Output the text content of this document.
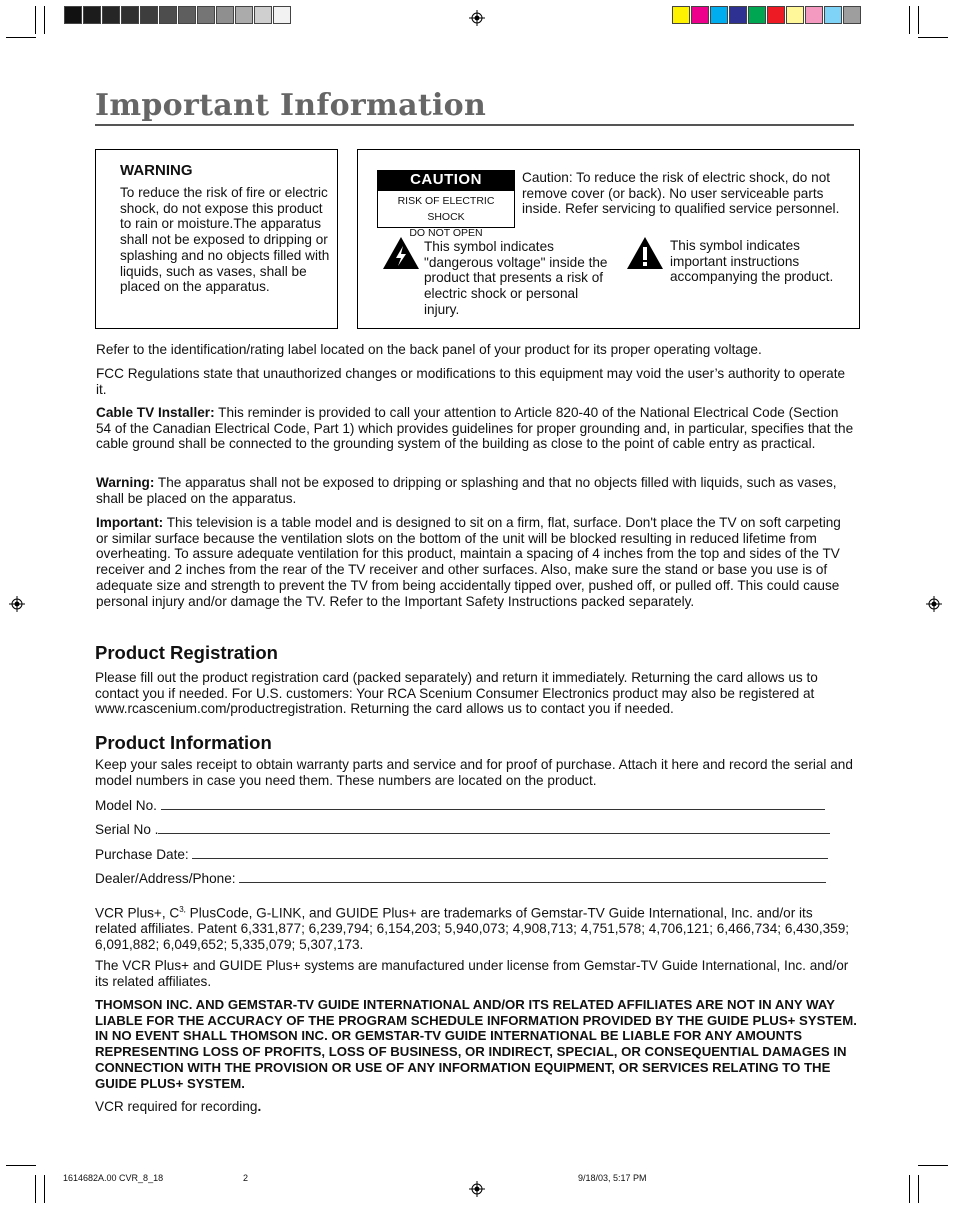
Important Information
WARNING
To reduce the risk of fire or electric shock, do not expose this product to rain or moisture.The apparatus shall not be exposed to dripping or splashing and no objects filled with liquids, such as vases, shall be placed on the apparatus.
CAUTION
RISK OF ELECTRIC SHOCK
DO NOT OPEN
Caution: To reduce the risk of electric shock, do not remove cover (or back). No user serviceable parts inside. Refer servicing to qualified service personnel.
This symbol indicates "dangerous voltage" inside the product that presents a risk of electric shock or personal injury.
This symbol indicates important instructions accompanying the product.
Refer to the identification/rating label located on the back panel of your product for its proper operating voltage.
FCC Regulations state that unauthorized changes or modifications to this equipment may void the user’s authority to operate it.
Cable TV Installer: This reminder is provided to call your attention to Article 820-40 of the National Electrical Code (Section 54 of the Canadian Electrical Code, Part 1) which provides guidelines for proper grounding and, in particular, specifies that the cable ground shall be connected to the grounding system of the building as close to the point of cable entry as practical.
Warning: The apparatus shall not be exposed to dripping or splashing and that no objects filled with liquids, such as vases, shall be placed on the apparatus.
Important: This television is a table model and is designed to sit on a firm, flat, surface. Don't place the TV on soft carpeting or similar surface because the ventilation slots on the bottom of the unit will be blocked resulting in reduced lifetime from overheating. To assure adequate ventilation for this product, maintain a spacing of 4 inches from the top and sides of the TV receiver and 2 inches from the rear of the TV receiver and other surfaces. Also, make sure the stand or base you use is of adequate size and strength to prevent the TV from being accidentally tipped over, pushed off, or pulled off. This could cause personal injury and/or damage the TV. Refer to the Important Safety Instructions packed separately.
Product Registration
Please fill out the product registration card (packed separately) and return it immediately. Returning the card allows us to contact you if needed. For U.S. customers: Your RCA Scenium Consumer Electronics product may also be registered at www.rcascenium.com/productregistration. Returning the card allows us to contact you if needed.
Product Information
Keep your sales receipt to obtain warranty parts and service and for proof of purchase. Attach it here and record the serial and model numbers in case you need them. These numbers are located on the product.
Model No.
Serial No .
Purchase Date:
Dealer/Address/Phone:
VCR Plus+, $C^{3,}$ PlusCode, G-LINK, and GUIDE Plus+ are trademarks of Gemstar-TV Guide International, Inc. and/or its related affiliates. Patent 6,331,877; 6,239,794; 6,154,203; 5,940,073; 4,908,713; 4,751,578; 4,706,121; 6,466,734; 6,430,359; 6,091,882; 6,049,652; 5,335,079; 5,307,173.
The VCR Plus+ and GUIDE Plus+ systems are manufactured under license from Gemstar-TV Guide International, Inc. and/or its related affiliates.
THOMSON INC. AND GEMSTAR-TV GUIDE INTERNATIONAL AND/OR ITS RELATED AFFILIATES ARE NOT IN ANY WAY LIABLE FOR THE ACCURACY OF THE PROGRAM SCHEDULE INFORMATION PROVIDED BY THE GUIDE PLUS+ SYSTEM. IN NO EVENT SHALL THOMSON INC. OR GEMSTAR-TV GUIDE INTERNATIONAL BE LIABLE FOR ANY AMOUNTS REPRESENTING LOSS OF PROFITS, LOSS OF BUSINESS, OR INDIRECT, SPECIAL, OR CONSEQUENTIAL DAMAGES IN CONNECTION WITH THE PROVISION OR USE OF ANY INFORMATION EQUIPMENT, OR SERVICES RELATING TO THE GUIDE PLUS+ SYSTEM.
VCR required for recording.
1614682A.00 CVR_8_18	2	9/18/03, 5:17 PM
